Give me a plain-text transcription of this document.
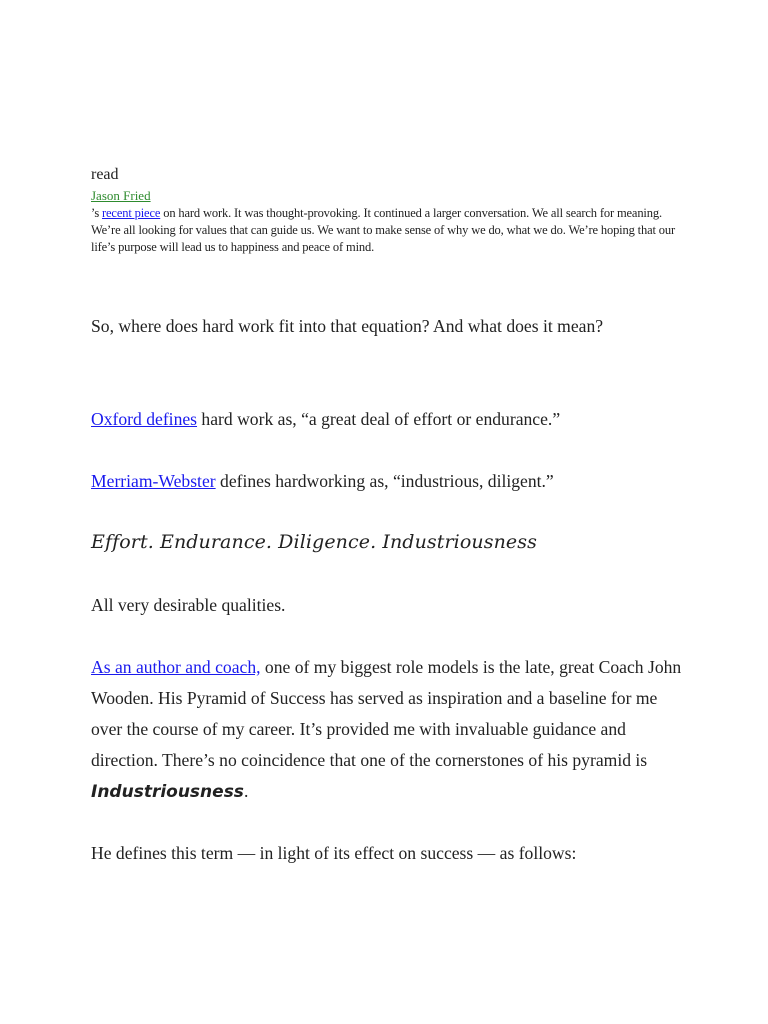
read
Jason Fried
’s recent piece on hard work. It was thought-provoking. It continued a larger conversation. We all search for meaning. We’re all looking for values that can guide us. We want to make sense of why we do, what we do. We’re hoping that our life’s purpose will lead us to happiness and peace of mind.
So, where does hard work fit into that equation? And what does it mean?
Oxford defines hard work as, “a great deal of effort or endurance.”
Merriam-Webster defines hardworking as, “industrious, diligent.”
Effort. Endurance. Diligence. Industriousness
All very desirable qualities.
As an author and coach, one of my biggest role models is the late, great Coach John Wooden. His Pyramid of Success has served as inspiration and a baseline for me over the course of my career. It’s provided me with invaluable guidance and direction. There’s no coincidence that one of the cornerstones of his pyramid is Industriousness.
He defines this term — in light of its effect on success — as follows:
